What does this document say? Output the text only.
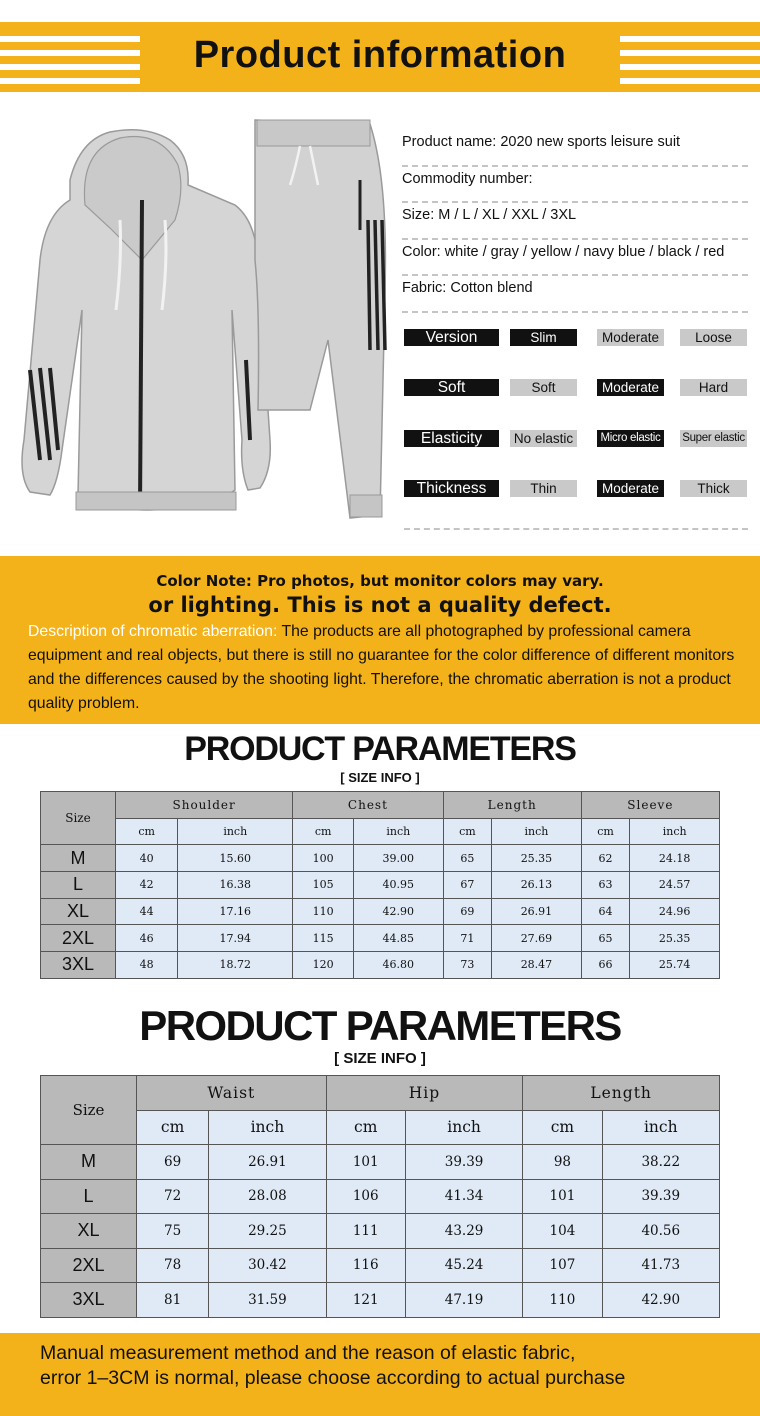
Product information
Product name: 2020 new sports leisure suit
Commodity number:
Size: M / L / XL / XXL / 3XL
Color: white / gray / yellow / navy blue / black / red
Fabric: Cotton blend
Version	Slim	Moderate	Loose
Soft	Soft	Moderate	Hard
Elasticity	No elastic	Micro elastic	Super elastic
Thickness	Thin	Moderate	Thick
Color Note: Pro photos, but monitor colors may vary.
or lighting. This is not a quality defect.
Description of chromatic aberration: The products are all photographed by professional camera equipment and real objects, but there is still no guarantee for the color difference of different monitors and the differences caused by the shooting light. Therefore, the chromatic aberration is not a product quality problem.
PRODUCT PARAMETERS
[ SIZE INFO ]
Size	Shoulder		Chest		Length		Sleeve	
	cm	inch	cm	inch	cm	inch	cm	inch
M	40	15.60	100	39.00	65	25.35	62	24.18
L	42	16.38	105	40.95	67	26.13	63	24.57
XL	44	17.16	110	42.90	69	26.91	64	24.96
2XL	46	17.94	115	44.85	71	27.69	65	25.35
3XL	48	18.72	120	46.80	73	28.47	66	25.74
PRODUCT PARAMETERS
[ SIZE INFO ]
Size	Waist		Hip		Length	
	cm	inch	cm	inch	cm	inch
M	69	26.91	101	39.39	98	38.22
L	72	28.08	106	41.34	101	39.39
XL	75	29.25	111	43.29	104	40.56
2XL	78	30.42	116	45.24	107	41.73
3XL	81	31.59	121	47.19	110	42.90

Manual measurement method and the reason of elastic fabric,

error 1–3CM is normal, please choose according to actual purchase
